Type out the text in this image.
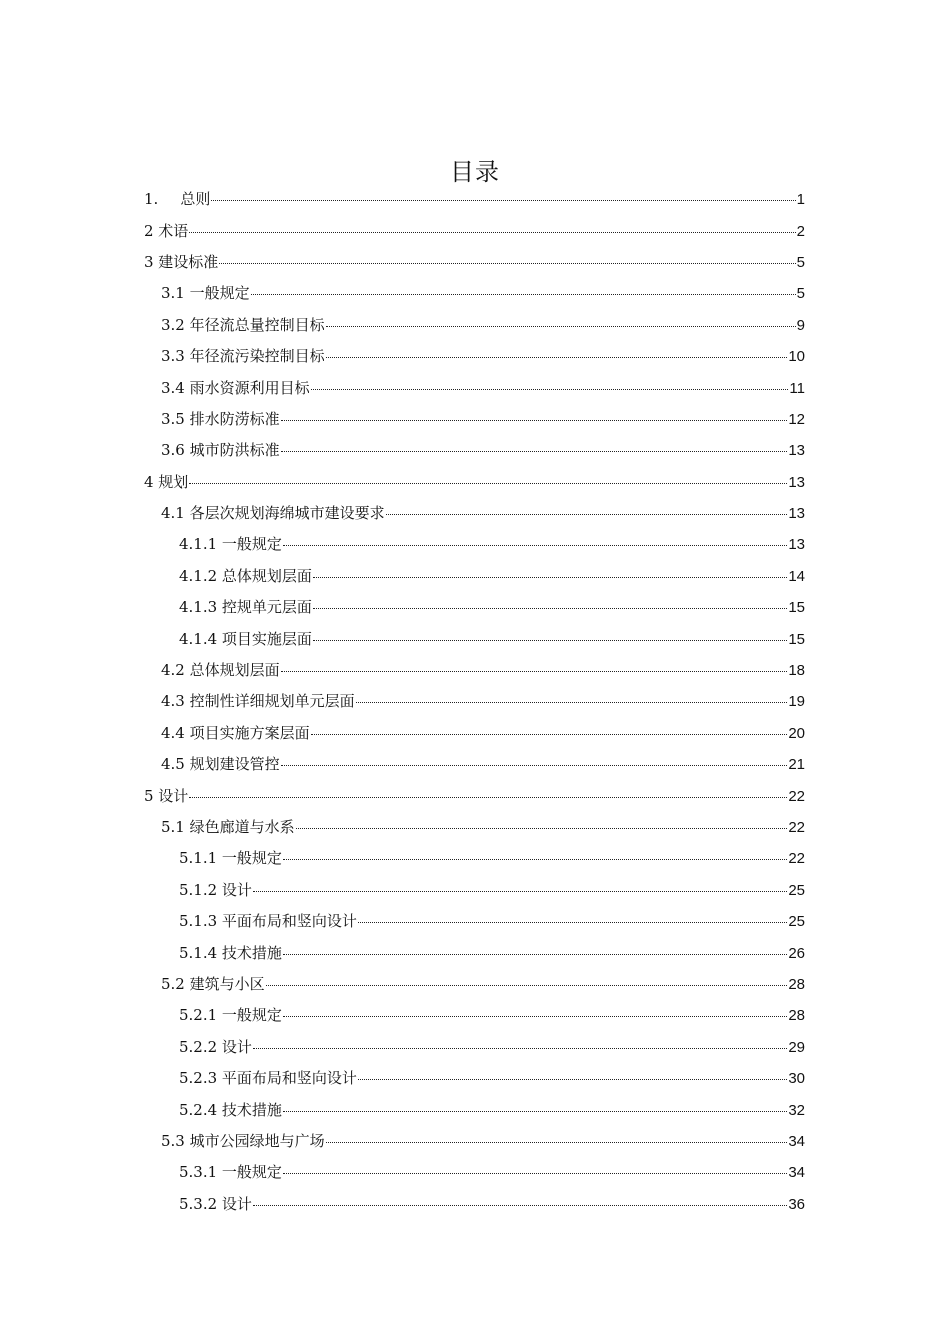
目录
1. 总则	1
2 术语	2
3 建设标准	5
3.1 一般规定	5
3.2 年径流总量控制目标	9
3.3 年径流污染控制目标	10
3.4 雨水资源利用目标	11
3.5 排水防涝标准	12
3.6 城市防洪标准	13
4 规划	13
4.1 各层次规划海绵城市建设要求	13
4.1.1 一般规定	13
4.1.2 总体规划层面	14
4.1.3 控规单元层面	15
4.1.4 项目实施层面	15
4.2 总体规划层面	18
4.3 控制性详细规划单元层面	19
4.4 项目实施方案层面	20
4.5 规划建设管控	21
5 设计	22
5.1 绿色廊道与水系	22
5.1.1 一般规定	22
5.1.2 设计	25
5.1.3 平面布局和竖向设计	25
5.1.4 技术措施	26
5.2 建筑与小区	28
5.2.1 一般规定	28
5.2.2 设计	29
5.2.3 平面布局和竖向设计	30
5.2.4 技术措施	32
5.3 城市公园绿地与广场	34
5.3.1 一般规定	34
5.3.2 设计	36
